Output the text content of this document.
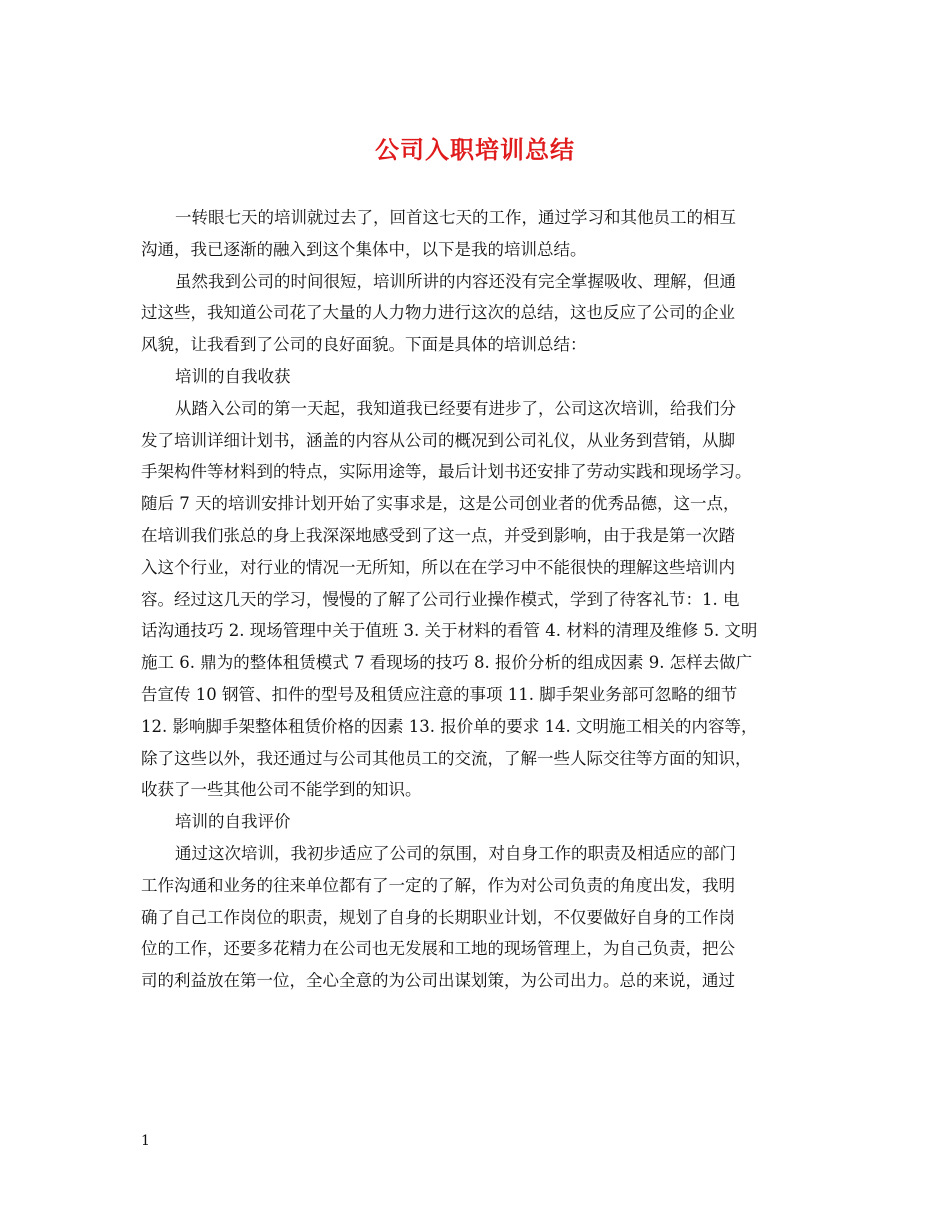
公司入职培训总结
一转眼七天的培训就过去了，回首这七天的工作，通过学习和其他员工的相互
沟通，我已逐渐的融入到这个集体中，以下是我的培训总结。
虽然我到公司的时间很短，培训所讲的内容还没有完全掌握吸收、理解，但通
过这些，我知道公司花了大量的人力物力进行这次的总结，这也反应了公司的企业
风貌，让我看到了公司的良好面貌。下面是具体的培训总结：
培训的自我收获
从踏入公司的第一天起，我知道我已经要有进步了，公司这次培训，给我们分
发了培训详细计划书，涵盖的内容从公司的概况到公司礼仪，从业务到营销，从脚
手架构件等材料到的特点，实际用途等，最后计划书还安排了劳动实践和现场学习。
随后 7 天的培训安排计划开始了实事求是，这是公司创业者的优秀品德，这一点，
在培训我们张总的身上我深深地感受到了这一点，并受到影响，由于我是第一次踏
入这个行业，对行业的情况一无所知，所以在在学习中不能很快的理解这些培训内
容。经过这几天的学习，慢慢的了解了公司行业操作模式，学到了待客礼节：1. 电
话沟通技巧 2. 现场管理中关于值班 3. 关于材料的看管 4. 材料的清理及维修 5. 文明
施工 6. 鼎为的整体租赁模式 7 看现场的技巧 8. 报价分析的组成因素 9. 怎样去做广
告宣传 10 钢管、扣件的型号及租赁应注意的事项 11. 脚手架业务部可忽略的细节
12. 影响脚手架整体租赁价格的因素 13. 报价单的要求 14. 文明施工相关的内容等，
除了这些以外，我还通过与公司其他员工的交流，了解一些人际交往等方面的知识，
收获了一些其他公司不能学到的知识。
培训的自我评价
通过这次培训，我初步适应了公司的氛围，对自身工作的职责及相适应的部门
工作沟通和业务的往来单位都有了一定的了解，作为对公司负责的角度出发，我明
确了自己工作岗位的职责，规划了自身的长期职业计划，不仅要做好自身的工作岗
位的工作，还要多花精力在公司也无发展和工地的现场管理上，为自己负责，把公
司的利益放在第一位，全心全意的为公司出谋划策，为公司出力。总的来说，通过
1
